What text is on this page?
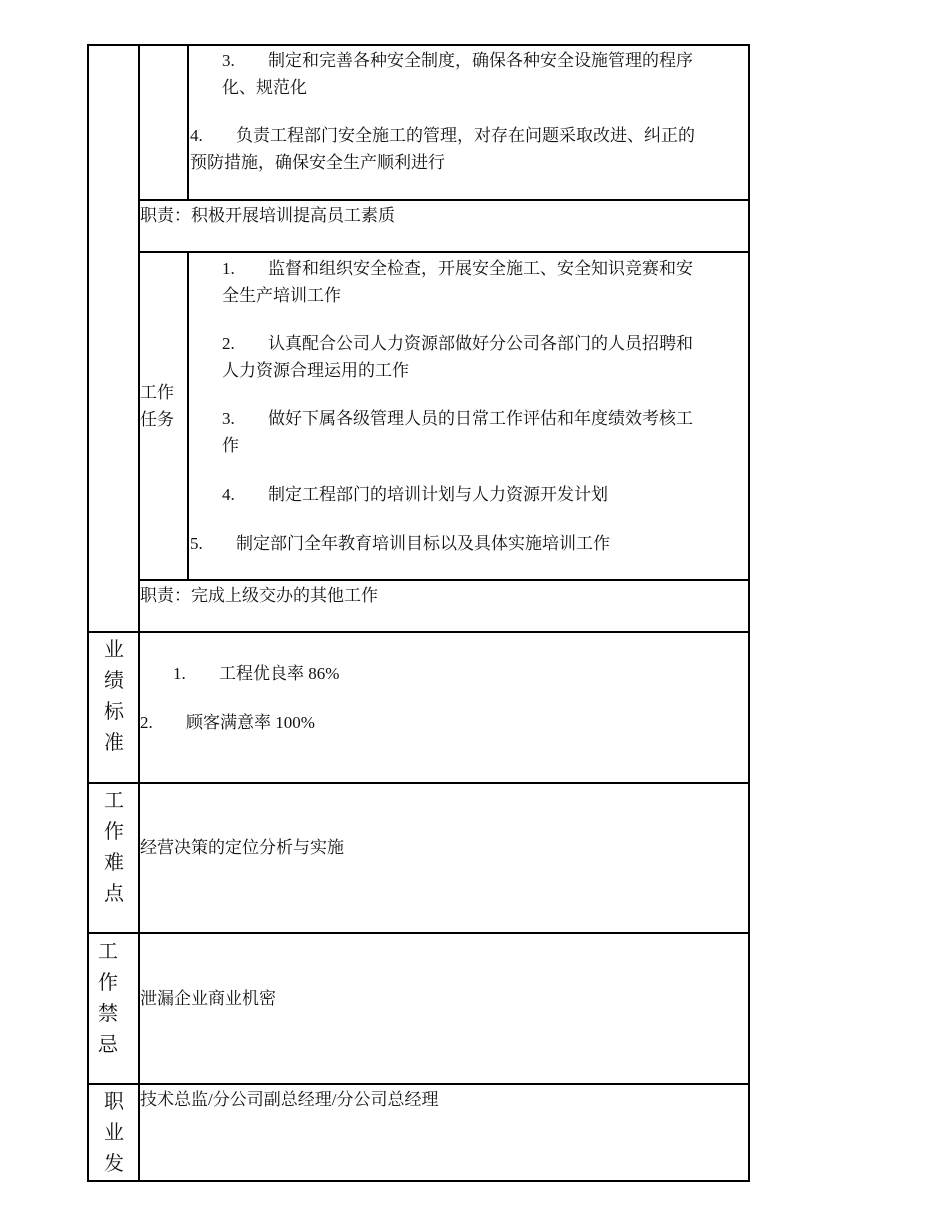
3. 制定和完善各种安全制度，确保各种安全设施管理的程序
化、规范化
4. 负责工程部门安全施工的管理，对存在问题采取改进、纠正的
预防措施，确保安全生产顺利进行
职责：积极开展培训提高员工素质
工作
任务
1. 监督和组织安全检查，开展安全施工、安全知识竞赛和安
全生产培训工作
2. 认真配合公司人力资源部做好分公司各部门的人员招聘和
人力资源合理运用的工作
3. 做好下属各级管理人员的日常工作评估和年度绩效考核工
作
4. 制定工程部门的培训计划与人力资源开发计划
5. 制定部门全年教育培训目标以及具体实施培训工作
职责：完成上级交办的其他工作
业
绩
标
准
1. 工程优良率 86%
2. 顾客满意率 100%
工
作
难
点
经营决策的定位分析与实施
工
作
禁
忌
泄漏企业商业机密
职
业
发
技术总监/分公司副总经理/分公司总经理
